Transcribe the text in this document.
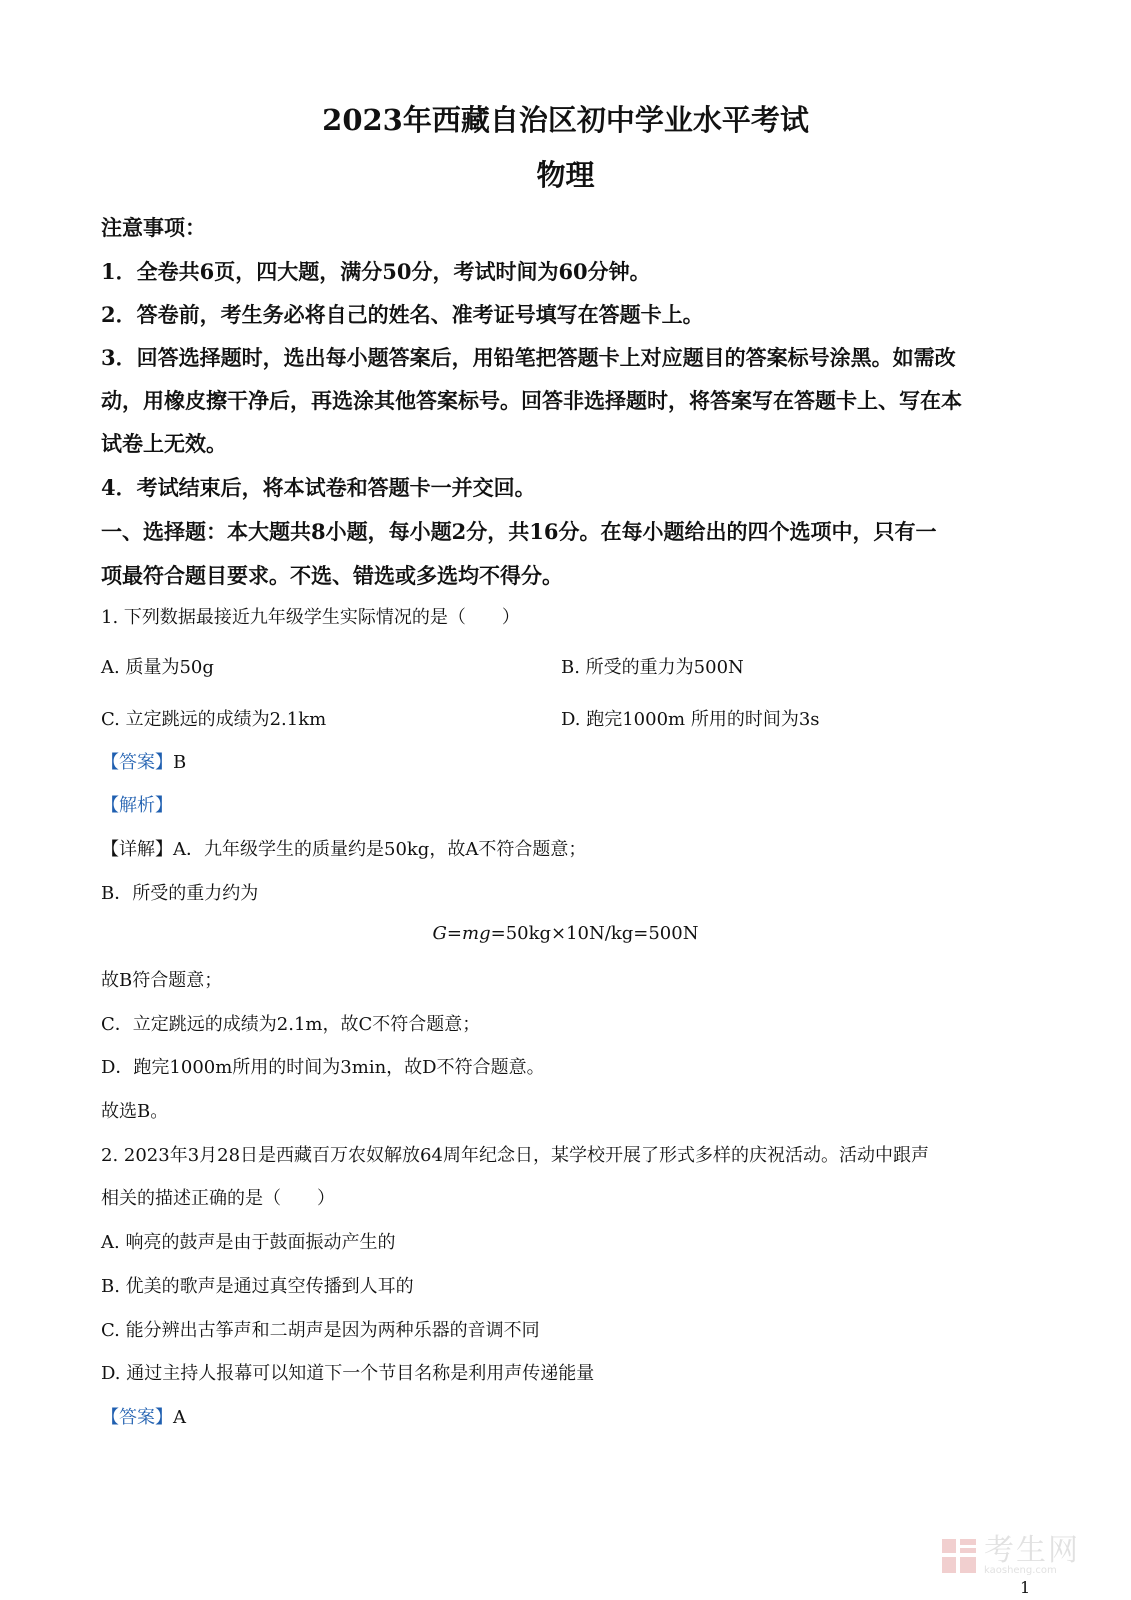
2023年西藏自治区初中学业水平考试
物理
注意事项：
1．全卷共6页，四大题，满分50分，考试时间为60分钟。
2．答卷前，考生务必将自己的姓名、准考证号填写在答题卡上。
3．回答选择题时，选出每小题答案后，用铅笔把答题卡上对应题目的答案标号涂黑。如需改
动，用橡皮擦干净后，再选涂其他答案标号。回答非选择题时，将答案写在答题卡上、写在本
试卷上无效。
4．考试结束后，将本试卷和答题卡一并交回。
一、选择题：本大题共8小题，每小题2分，共16分。在每小题给出的四个选项中，只有一
项最符合题目要求。不选、错选或多选均不得分。
1. 下列数据最接近九年级学生实际情况的是（　　）
A. 质量为50g	B. 所受的重力为500N
C. 立定跳远的成绩为2.1km	D. 跑完1000m 所用的时间为3s
【答案】B
【解析】
【详解】A．九年级学生的质量约是50kg，故A不符合题意；
B．所受的重力约为
G=mg=50kg×10N/kg=500N
故B符合题意；
C．立定跳远的成绩为2.1m，故C不符合题意；
D．跑完1000m所用的时间为3min，故D不符合题意。
故选B。
2. 2023年3月28日是西藏百万农奴解放64周年纪念日，某学校开展了形式多样的庆祝活动。活动中跟声
相关的描述正确的是（　　）
A. 响亮的鼓声是由于鼓面振动产生的
B. 优美的歌声是通过真空传播到人耳的
C. 能分辨出古筝声和二胡声是因为两种乐器的音调不同
D. 通过主持人报幕可以知道下一个节目名称是利用声传递能量
【答案】A
考生网
kaosheng.com
1
